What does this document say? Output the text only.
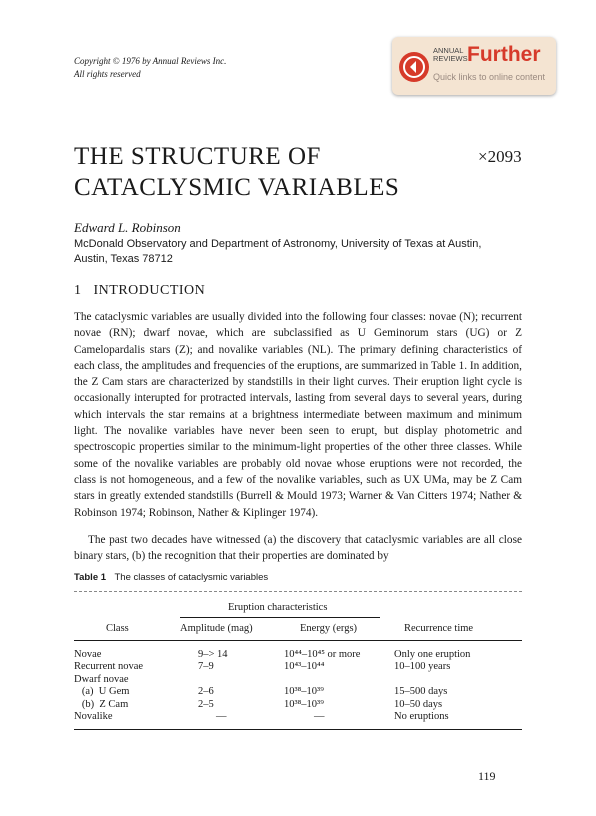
Copyright © 1976 by Annual Reviews Inc.
All rights reserved
ANNUAL
REVIEWS Further
Quick links to online content
THE STRUCTURE OF
CATACLYSMIC VARIABLES
×2093
Edward L. Robinson
McDonald Observatory and Department of Astronomy, University of Texas at Austin,
Austin, Texas 78712
1   INTRODUCTION

The cataclysmic variables are usually divided into the following four classes: novae (N); recurrent novae (RN); dwarf novae, which are subclassified as U Geminorum stars (UG) or Z Camelopardalis stars (Z); and novalike variables (NL). The primary defining characteristics of each class, the amplitudes and frequencies of the eruptions, are summarized in Table 1. In addition, the Z Cam stars are characterized by standstills in their light curves. Their eruption light cycle is occasionally interupted for protracted intervals, lasting from several days to several years, during which intervals the star remains at a brightness intermediate between maximum and minimum light. The novalike variables have never been seen to erupt, but display photometric and spectroscopic properties similar to the minimum-light properties of the other three classes. While some of the novalike variables are probably old novae whose eruptions were not recorded, the class is not homogeneous, and a few of the novalike variables, such as UX UMa, may be Z Cam stars in greatly extended standstills (Burrell & Mould 1973; Warner & Van Citters 1974; Nather & Robinson 1974; Robinson, Nather & Kiplinger 1974).

The past two decades have witnessed (a) the discovery that cataclysmic variables are all close binary stars, (b) the recognition that their properties are dominated by

Table 1 The classes of cataclysmic variables
Eruption characteristics
Class	Amplitude (mag)	Energy (ergs)	Recurrence time
Novae	9–> 14	10⁴⁴–10⁴⁵ or more	Only one eruption
Recurrent novae	7–9	10⁴³–10⁴⁴	10–100 years
Dwarf novae
(a)  U Gem	2–6	10³⁸–10³⁹	15–500 days
(b)  Z Cam	2–5	10³⁸–10³⁹	10–50 days
Novalike	—	—	No eruptions
119
